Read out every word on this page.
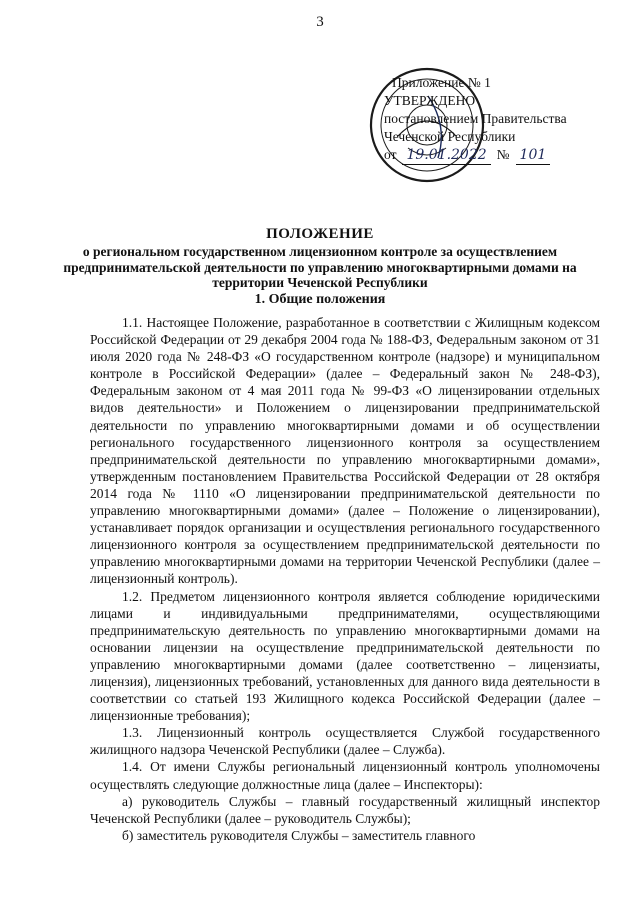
3
Приложение № 1
УТВЕРЖДЕНО
постановлением Правительства
Чеченской Республики
от 19.01.2022 № 101
ПОЛОЖЕНИЕ
о региональном государственном лицензионном контроле за осуществлением предпринимательской деятельности по управлению многоквартирными домами на территории Чеченской Республики
1. Общие положения

1.1. Настоящее Положение, разработанное в соответствии с Жилищным кодексом Российской Федерации от 29 декабря 2004 года № 188-ФЗ, Федеральным законом от 31 июля 2020 года № 248-ФЗ «О государственном контроле (надзоре) и муниципальном контроле в Российской Федерации» (далее – Федеральный закон № 248-ФЗ), Федеральным законом от 4 мая 2011 года № 99-ФЗ «О лицензировании отдельных видов деятельности» и Положением о лицензировании предпринимательской деятельности по управлению многоквартирными домами и об осуществлении регионального государственного лицензионного контроля за осуществлением предпринимательской деятельности по управлению многоквартирными домами», утвержденным постановлением Правительства Российской Федерации от 28 октября 2014 года № 1110 «О лицензировании предпринимательской деятельности по управлению многоквартирными домами» (далее – Положение о лицензировании), устанавливает порядок организации и осуществления регионального государственного лицензионного контроля за осуществлением предпринимательской деятельности по управлению многоквартирными домами на территории Чеченской Республики (далее – лицензионный контроль).

1.2. Предметом лицензионного контроля является соблюдение юридическими лицами и индивидуальными предпринимателями, осуществляющими предпринимательскую деятельность по управлению многоквартирными домами на основании лицензии на осуществление предпринимательской деятельности по управлению многоквартирными домами (далее соответственно – лицензиаты, лицензия), лицензионных требований, установленных для данного вида деятельности в соответствии со статьей 193 Жилищного кодекса Российской Федерации (далее – лицензионные требования);

1.3. Лицензионный контроль осуществляется Службой государственного жилищного надзора Чеченской Республики (далее – Служба).

1.4. От имени Службы региональный лицензионный контроль уполномочены осуществлять следующие должностные лица (далее – Инспекторы):

а) руководитель Службы – главный государственный жилищный инспектор Чеченской Республики (далее – руководитель Службы);

б) заместитель руководителя Службы – заместитель главного
